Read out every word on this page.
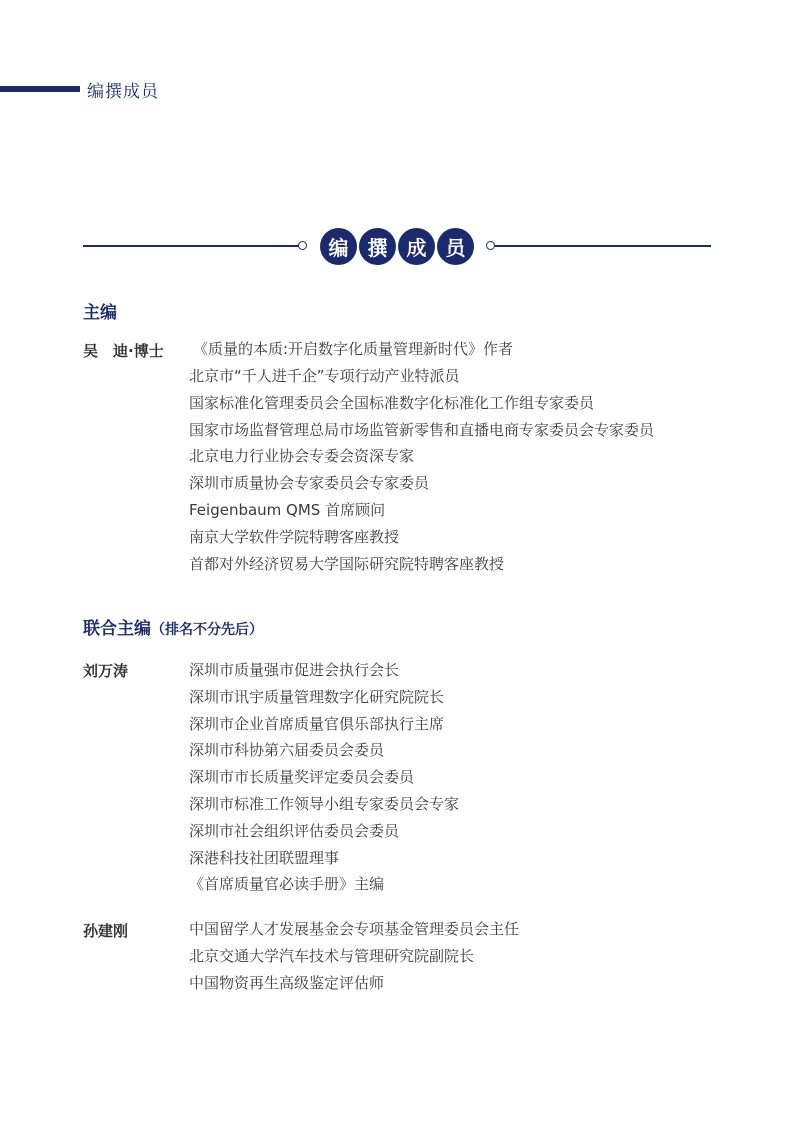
编撰成员
编 撰 成 员
主编
吴　迪·博士 《质量的本质:开启数字化质量管理新时代》作者
北京市“千人进千企”专项行动产业特派员
国家标准化管理委员会全国标准数字化标准化工作组专家委员
国家市场监督管理总局市场监管新零售和直播电商专家委员会专家委员
北京电力行业协会专委会资深专家
深圳市质量协会专家委员会专家委员
Feigenbaum QMS 首席顾问
南京大学软件学院特聘客座教授
首都对外经济贸易大学国际研究院特聘客座教授
联合主编（排名不分先后）
刘万涛	深圳市质量强市促进会执行会长
深圳市讯宇质量管理数字化研究院院长
深圳市企业首席质量官俱乐部执行主席
深圳市科协第六届委员会委员
深圳市市长质量奖评定委员会委员
深圳市标准工作领导小组专家委员会专家
深圳市社会组织评估委员会委员
深港科技社团联盟理事
《首席质量官必读手册》主编
孙建刚	中国留学人才发展基金会专项基金管理委员会主任
北京交通大学汽车技术与管理研究院副院长
中国物资再生高级鉴定评估师
